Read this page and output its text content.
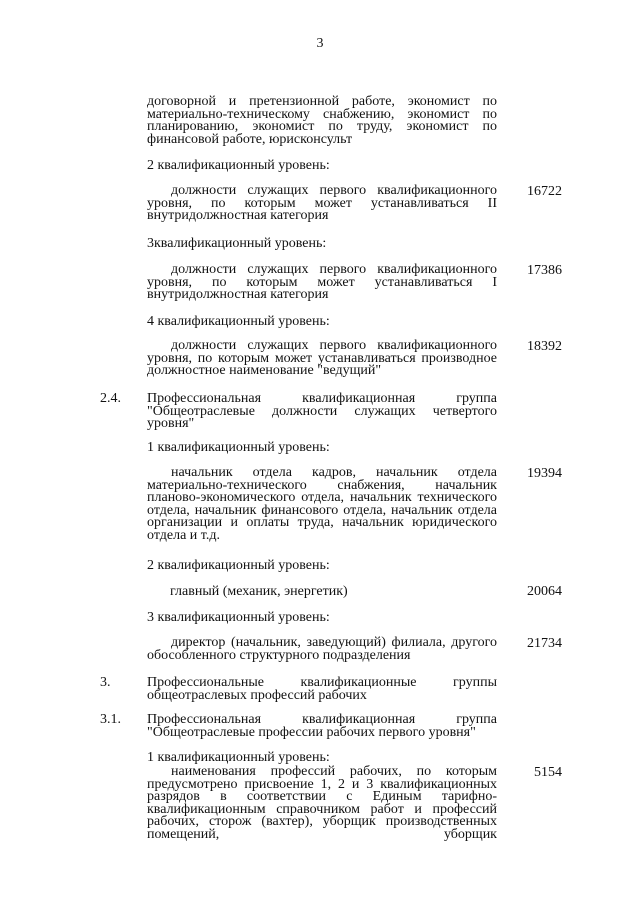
3
договорной и претензионной работе, экономист по материально-техническому снабжению, экономист по планированию, экономист по труду, экономист по финансовой работе, юрисконсульт
2 квалификационный уровень:
должности служащих первого квалификационного уровня, по которым может устанавливаться II внутридолжностная категория
16722
3квалификационный уровень:
должности служащих первого квалификационного уровня, по которым может устанавливаться I внутридолжностная категория
17386
4 квалификационный уровень:
должности служащих первого квалификационного уровня, по которым может устанавливаться производное должностное наименование "ведущий"
18392
2.4. Профессиональная квалификационная группа "Общеотраслевые должности служащих четвертого уровня"
1 квалификационный уровень:
начальник отдела кадров, начальник отдела материально-технического снабжения, начальник планово-экономического отдела, начальник технического отдела, начальник финансового отдела, начальник отдела организации и оплаты труда, начальник юридического отдела и т.д.
19394
2 квалификационный уровень:
главный (механик, энергетик)	20064
3 квалификационный уровень:
директор (начальник, заведующий) филиала, другого обособленного структурного подразделения
21734
3.	Профессиональные квалификационные группы общеотраслевых профессий рабочих
3.1. Профессиональная квалификационная группа "Общеотраслевые профессии рабочих первого уровня"
1 квалификационный уровень:
наименования профессий рабочих, по которым предусмотрено присвоение 1, 2 и 3 квалификационных разрядов в соответствии с Единым тарифно-квалификационным справочником работ и профессий рабочих, сторож (вахтер), уборщик производственных помещений, уборщик
5154
